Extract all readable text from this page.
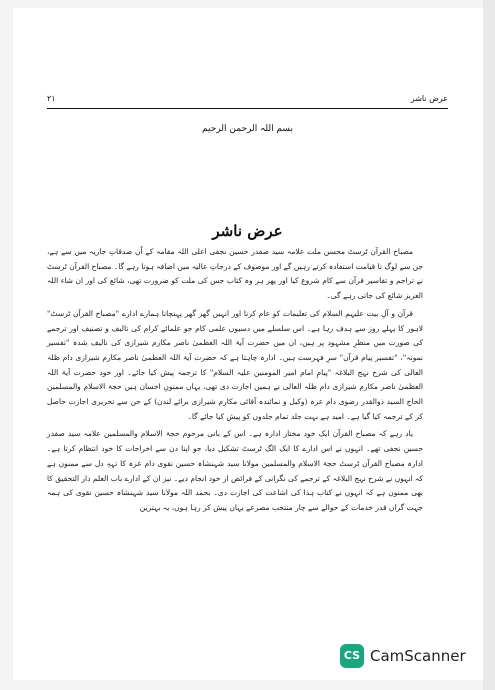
٢١	عرض ناشر
بسم اللہ الرحمن الرحیم
عرض ناشر

مصباح القرآن ٹرسٹ محسن ملت علامہ سید صفدر حسین نجفی اعلی اللہ مقامہ کے اُن صدقاتِ جاریہ میں سے ہے، جن سے لوگ تا قیامت استفادہ کرتے رہیں گے اور موصوف کے درجاتِ عالیہ میں اضافہ ہوتا رہے گا۔ مصباح القرآن ٹرسٹ نے تراجم و تفاسیر قرآن سے کام شروع کیا اور پھر ہر وہ کتاب جس کی ملت کو ضرورت تھی، شائع کی اور ان شاء اللہ العزیز شائع کی جاتی رہے گی۔

قرآن و آلِ بیت علیہم السلام کی تعلیمات کو عام کرنا اور انہیں گھر گھر پہنچانا ہمارے ادارے "مصباح القرآن ٹرسٹ" لاہور کا پہلے روز سے ہدف رہا ہے۔ اس سلسلے میں دسیوں علمی کام جو علمائے کرام کی تالیف و تصنیف اور ترجمے کی صورت میں منظرِ مشہود پر ہیں، ان میں حضرت آیۃ اللہ العظمیٰ ناصر مکارم شیرازی کی تالیف شدہ "تفسیر نمونہ"، "تفسیر پیام قرآن" سرِ فہرست ہیں۔ ادارہ چاہتا ہے کہ حضرت آیۃ اللہ العظمیٰ ناصر مکارم شیرازی دام ظلہ العالی کی شرح نہج البلاغہ "پیامِ امام امیر المومنین علیہ السلام" کا ترجمہ پیش کیا جائے۔ اور خود حضرت آیۃ اللہ العظمیٰ ناصر مکارم شیرازی دام ظلہ العالی نے ہمیں اجازت دی تھی، یہاں ممنونِ احسان ہیں حجۃ الاسلام والمسلمین الحاج السید ذوالقدر رضوی دام عزہ (وکیل و نمائندہ آقائی مکارم شیرازی برائے لندن) کے جن سے تحریری اجازت حاصل کر کے ترجمہ کیا گیا ہے۔ امید ہے بہت جلد تمام جلدوں کو پیش کیا جائے گا۔

یاد رہے کہ مصباح القرآن ایک خود مختار ادارہ ہے۔ اس کے بانی مرحوم حجۃ الاسلام والمسلمین علامہ سید صفدر حسین نجفی تھے۔ انہوں نے اس ادارے کا ایک الگ ٹرسٹ تشکیل دیا، جو اپنا دن سے اخراجات کا خود انتظام کرتا ہے۔ ادارہ مصباح القرآن ٹرسٹ حجۃ الاسلام والمسلمین مولانا سید شہنشاہ حسین نقوی دام عزہ کا تہہِ دل سے ممنون ہے کہ انہوں نے شرح نہج البلاغہ کے ترجمے کی نگرانی کے فرائض از خود انجام دیے۔ نیز ان کے ادارے باب العلم دار التحقیق کا بھی ممنون ہے کہ انہوں نے کتاب ہذا کی اشاعت کی اجازت دی۔ بحمد اللہ مولانا سید شہنشاہ حسین نقوی کی ہمہ جہت گراں قدر خدمات کے حوالے سے چار منتخب مصرعے یہاں پیش کر رہا ہوں، یہ بہترین

CS CamScanner
